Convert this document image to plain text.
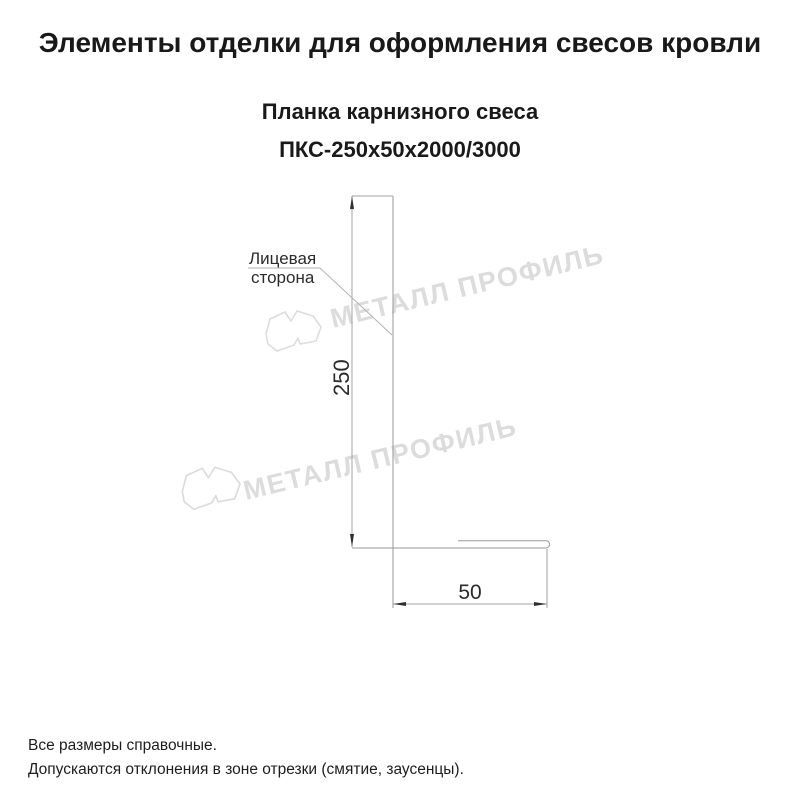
Элементы отделки для оформления свесов кровли
Планка карнизного свеса
ПКС-250х50х2000/3000
МЕТАЛЛ ПРОФИЛЬ
МЕТАЛЛ ПРОФИЛЬ
250
50
Лицевая
сторона
Все размеры справочные.
Допускаются отклонения в зоне отрезки (смятие, заусенцы).
